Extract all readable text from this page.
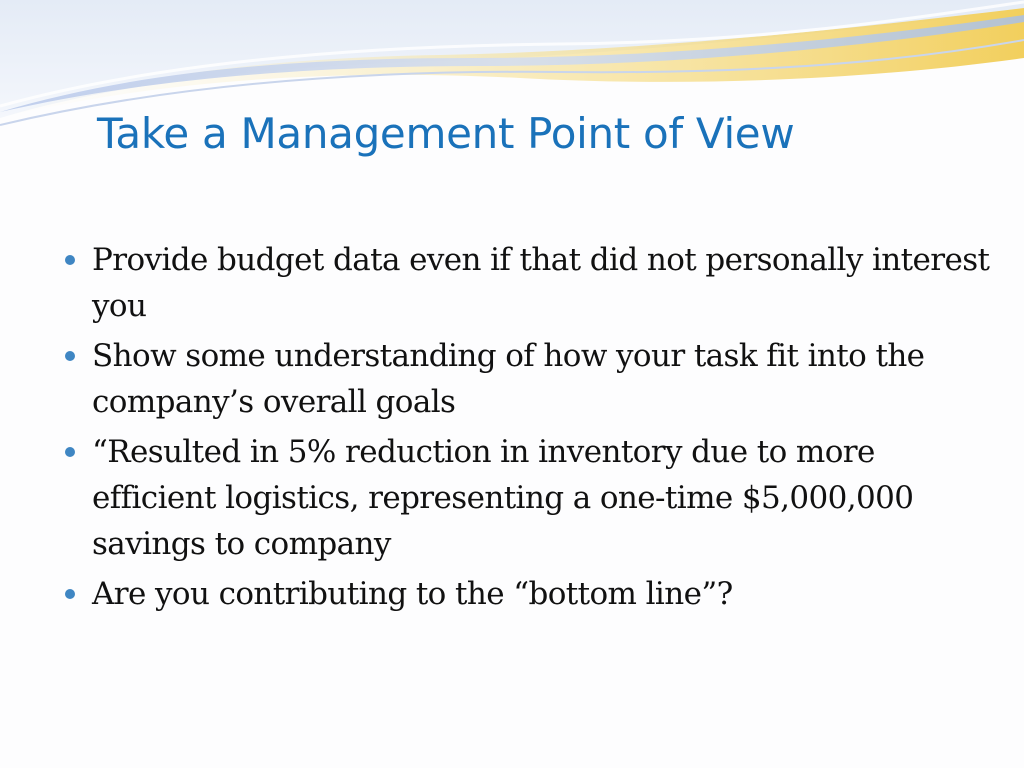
Take a Management Point of View
Provide budget data even if that did not personally interest you
Show some understanding of how your task fit into the company’s overall goals
“Resulted in 5% reduction in inventory due to more efficient logistics, representing a one-time $5,000,000 savings to company
Are you contributing to the “bottom line”?
